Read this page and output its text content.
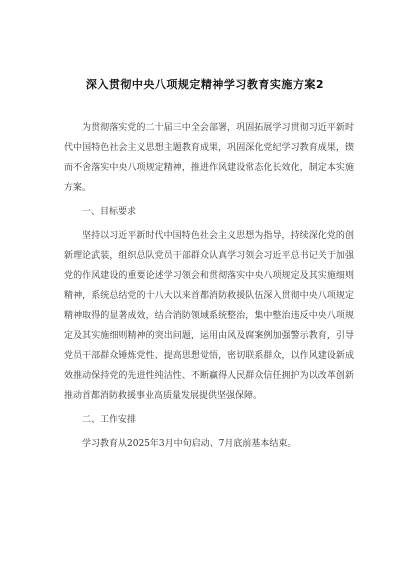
深入贯彻中央八项规定精神学习教育实施方案2

为贯彻落实党的二十届三中全会部署，巩固拓展学习贯彻习近平新时代中国特色社会主义思想主题教育成果，巩固深化党纪学习教育成果，锲而不舍落实中央八项规定精神，推进作风建设常态化长效化，制定本实施方案。

一、目标要求

坚持以习近平新时代中国特色社会主义思想为指导，持续深化党的创新理论武装，组织总队党员干部群众认真学习领会习近平总书记关于加强党的作风建设的重要论述学习领会和贯彻落实中央八项规定及其实施细则精神，系统总结党的十八大以来首都消防救援队伍深入贯彻中央八项规定精神取得的显著成效，结合消防领域系统整治，集中整治违反中央八项规定及其实施细则精神的突出问题，运用由风及腐案例加强警示教育，引导党员干部群众锤炼党性、提高思想觉悟，密切联系群众，以作风建设新成效推动保持党的先进性纯洁性、不断赢得人民群众信任拥护为以改革创新推动首都消防救援事业高质量发展提供坚强保障。

二、工作安排

学习教育从2025年3月中旬启动、7月底前基本结束。
